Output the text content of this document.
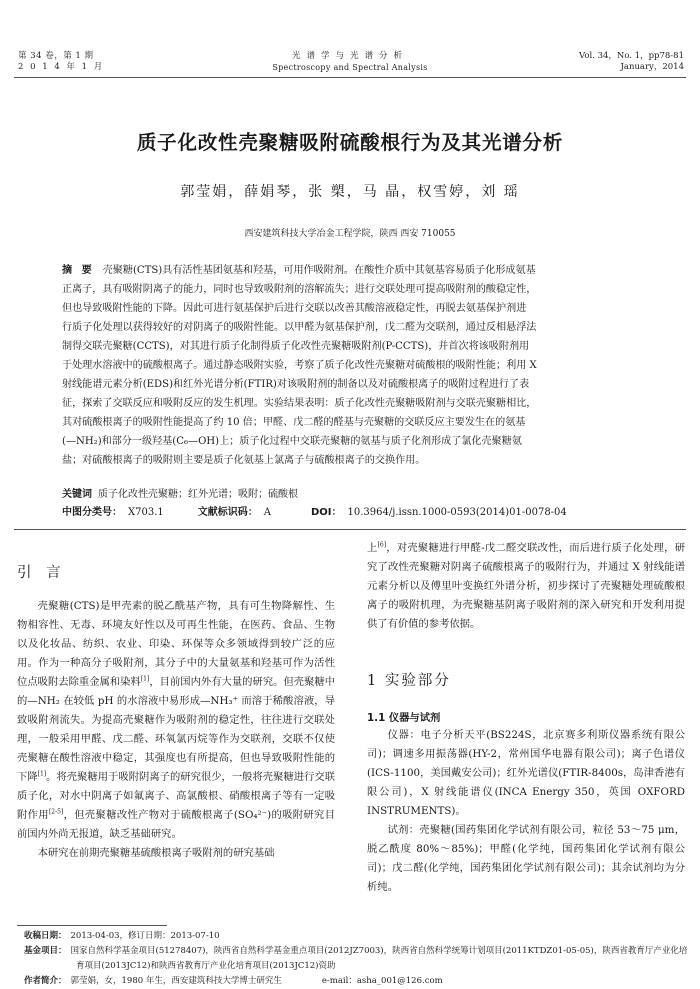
第 34 卷，第 1 期
2 0 1 4 年 1 月
光谱学与光谱分析
Spectroscopy and Spectral Analysis
Vol. 34，No. 1，pp78-81
January，2014
质子化改性壳聚糖吸附硫酸根行为及其光谱分析
郭莹娟，薛娟琴，张 槊，马 晶，权雪婷，刘 瑶
西安建筑科技大学冶金工程学院，陕西 西安 710055
摘 要 壳聚糖(CTS)具有活性基团氨基和羟基，可用作吸附剂。在酸性介质中其氨基容易质子化形成氨基
正离子，具有吸附阴离子的能力，同时也导致吸附剂的溶解流失；进行交联处理可提高吸附剂的酸稳定性，
但也导致吸附性能的下降。因此可进行氨基保护后进行交联以改善其酸溶液稳定性，再脱去氨基保护剂进
行质子化处理以获得较好的对阴离子的吸附性能。以甲醛为氨基保护剂，戊二醛为交联剂，通过反相悬浮法
制得交联壳聚糖(CCTS)，对其进行质子化制得质子化改性壳聚糖吸附剂(P-CCTS)，并首次将该吸附剂用
于处理水溶液中的硫酸根离子。通过静态吸附实验，考察了质子化改性壳聚糖对硫酸根的吸附性能；利用 X
射线能谱元素分析(EDS)和红外光谱分析(FTIR)对该吸附剂的制备以及对硫酸根离子的吸附过程进行了表
征，探索了交联反应和吸附反应的发生机理。实验结果表明：质子化改性壳聚糖吸附剂与交联壳聚糖相比，
其对硫酸根离子的吸附性能提高了约 10 倍；甲醛、戊二醛的醛基与壳聚糖的交联反应主要发生在的氨基
(—NH₂)和部分一级羟基(C₆—OH)上；质子化过程中交联壳聚糖的氨基与质子化剂形成了氯化壳聚糖氨
盐；对硫酸根离子的吸附则主要是质子化氨基上氯离子与硫酸根离子的交换作用。
关键词 质子化改性壳聚糖；红外光谱；吸附；硫酸根
中图分类号： X703.1	文献标识码： A	DOI： 10.3964/j.issn.1000-0593(2014)01-0078-04
引 言

壳聚糖(CTS)是甲壳素的脱乙酰基产物，具有可生物降解性、生物相容性、无毒、环境友好性以及可再生性能，在医药、食品、生物以及化妆品、纺织、农业、印染、环保等众多领域得到较广泛的应用。作为一种高分子吸附剂，其分子中的大量氨基和羟基可作为活性位点吸附去除重金属和染料[1]，目前国内外有大量的研究。但壳聚糖中的—NH₂ 在较低 pH 的水溶液中易形成—NH₃⁺ 而溶于稀酸溶液，导致吸附剂流失。为提高壳聚糖作为吸附剂的稳定性，往往进行交联处理，一般采用甲醛、戊二醛、环氧氯丙烷等作为交联剂，交联不仅使壳聚糖在酸性溶液中稳定，其强度也有所提高，但也导致吸附性能的下降[1]。将壳聚糖用于吸附阴离子的研究很少，一般将壳聚糖进行交联质子化，对水中阴离子如氟离子、高氯酸根、硝酸根离子等有一定吸附作用[2-5]，但壳聚糖改性产物对于硫酸根离子(SO₄²⁻)的吸附研究目前国内外尚无报道，缺乏基础研究。

本研究在前期壳聚糖基硫酸根离子吸附剂的研究基础

上[6]，对壳聚糖进行甲醛-戊二醛交联改性，而后进行质子化处理，研究了改性壳聚糖对阴离子硫酸根离子的吸附行为，并通过 X 射线能谱元素分析以及傅里叶变换红外谱分析，初步探讨了壳聚糖处理硫酸根离子的吸附机理，为壳聚糖基阴离子吸附剂的深入研究和开发利用提供了有价值的参考依据。

1 实验部分
1.1 仪器与试剂

仪器：电子分析天平(BS224S，北京赛多利斯仪器系统有限公司)；调速多用振荡器(HY-2，常州国华电器有限公司)；离子色谱仪(ICS-1100，美国戴安公司)；红外光谱仪(FTIR-8400s，岛津香港有限公司)，X 射线能谱仪(INCA Energy 350，英国 OXFORD INSTRUMENTS)。

试剂：壳聚糖(国药集团化学试剂有限公司，粒径 53～75 μm，脱乙酰度 80%～85%)；甲醛(化学纯，国药集团化学试剂有限公司)；戊二醛(化学纯，国药集团化学试剂有限公司)；其余试剂均为分析纯。

收稿日期： 2013-04-03，修订日期：2013-07-10
基金项目： 国家自然科学基金项目(51278407)，陕西省自然科学基金重点项目(2012JZ7003)，陕西省自然科学统筹计划项目(2011KTDZ01-05-05)，陕西省教育厅产业化培育项目(2013JC12)和陕西省教育厅产业化培育项目(2013JC12)资助
作者简介： 郭莹娟，女，1980 年生，西安建筑科技大学博士研究生	e-mail：asha_001@126.com
